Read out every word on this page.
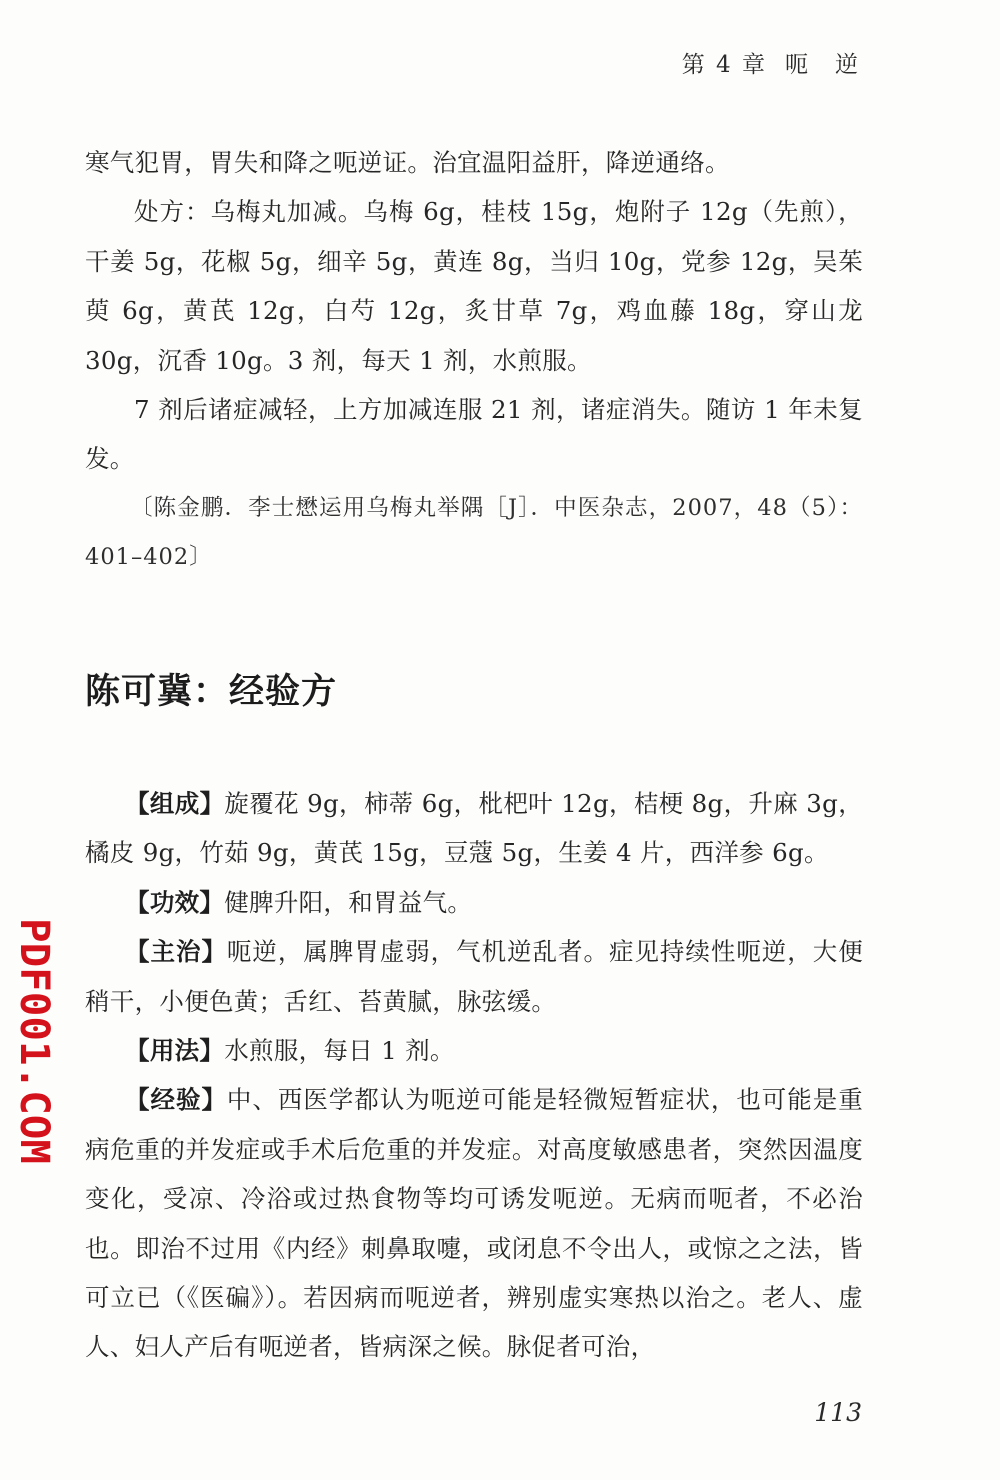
第 4 章 呃　逆

寒气犯胃，胃失和降之呃逆证。治宜温阳益肝，降逆通络。

处方：乌梅丸加减。乌梅 6g，桂枝 15g，炮附子 12g（先煎），干姜 5g，花椒 5g，细辛 5g，黄连 8g，当归 10g，党参 12g，吴茱萸 6g，黄芪 12g，白芍 12g，炙甘草 7g，鸡血藤 18g，穿山龙 30g，沉香 10g。3 剂，每天 1 剂，水煎服。

7 剂后诸症减轻，上方加减连服 21 剂，诸症消失。随访 1 年未复发。

〔陈金鹏．李士懋运用乌梅丸举隅［J］．中医杂志，2007，48（5）：401–402〕

陈可冀：经验方

【组成】旋覆花 9g，柿蒂 6g，枇杷叶 12g，桔梗 8g，升麻 3g，橘皮 9g，竹茹 9g，黄芪 15g，豆蔻 5g，生姜 4 片，西洋参 6g。

【功效】健脾升阳，和胃益气。

【主治】呃逆，属脾胃虚弱，气机逆乱者。症见持续性呃逆，大便稍干，小便色黄；舌红、苔黄腻，脉弦缓。

【用法】水煎服，每日 1 剂。

【经验】中、西医学都认为呃逆可能是轻微短暂症状，也可能是重病危重的并发症或手术后危重的并发症。对高度敏感患者，突然因温度变化，受凉、冷浴或过热食物等均可诱发呃逆。无病而呃者，不必治也。即治不过用《内经》刺鼻取嚏，或闭息不令出人，或惊之之法，皆可立已（《医碥》）。若因病而呃逆者，辨别虚实寒热以治之。老人、虚人、妇人产后有呃逆者，皆病深之候。脉促者可治，

PDF001.COM
113
